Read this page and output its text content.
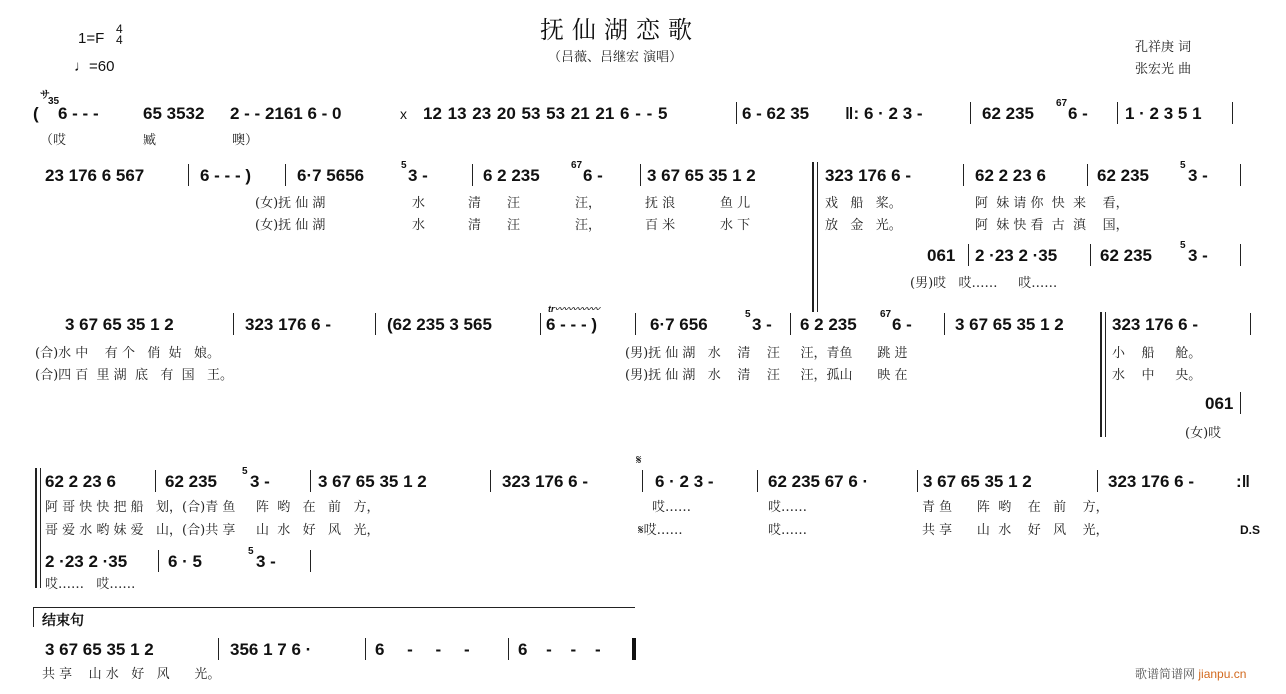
抚仙湖恋歌
（吕薇、吕继宏 演唱）
1=F
4
4
♩=60
孔祥庚 词
张宏光 曲
サ
(
35
6 - - -	65 3532 2 - - 2161 6 - 0	x 12 13 23 20 53 53 21 21 6 - - 5	6 - 62 35 ‖: 6 · 2 3 -	62 235
67
6 - 1 · 2 3 5 1
（哎	臧	噢）
23 176 6 567	6 - - - )	6·7 5656
5
3 -	6 2 235
67
6 -	3 67 65 35 1 2	323 176 6 -	62 2 23 6	62 235
5
3 -
(女)抚 仙 湖	水	清 汪	汪，	抚 浪	鱼 儿	戏   船   桨。	阿  妹 请 你  快  来    看，
(女)抚 仙 湖	水	清 汪	汪，	百 米	水 下	放   金   光。	阿  妹 快 看  古  滇    国，
061 2 ·23 2 ·35	62 235
5
3 -
(男)哎   哎……     哎……
3 67 65 35 1 2	323 176 6 -	(62 235 3 565	6 - - - )
tr〰〰〰〰〰
6·7 656
5
3 - 6 2 235
67
6 -	3 67 65 35 1 2	323 176 6 -
(合)水 中    有 个   俏  姑   娘。	(男)抚 仙 湖   水    清    汪     汪，青鱼      跳 进	小    船     舱。
(合)四 百  里 湖  底   有  国   王。	(男)抚 仙 湖   水    清    汪     汪，孤山      映 在	水    中     央。
061
(女)哎
62 2 23 6	62 235
5
3 -	3 67 65 35 1 2	323 176 6 -
𝄋
6 · 2 3 -	62 235 67 6 ·	3 67 65 35 1 2	323 176 6 - :‖
阿 哥 快 快 把 船   划，(合)青 鱼     阵  哟   在   前   方，	哎……	哎……	青 鱼      阵  哟    在   前    方，
哥 爱 水 哟 妹 爱   山，(合)共 享     山  水   好   风   光，	𝄋哎……	哎……	共 享      山  水    好   风    光，	D.S
2 ·23 2 ·35 6 · 5
5
3 -
哎……   哎……
结束句
3 67 65 35 1 2	356 1 7 6 ·	6 - - -	6 - - -
共 享    山 水   好   风      光。	歌谱简谱网 jianpu.cn
